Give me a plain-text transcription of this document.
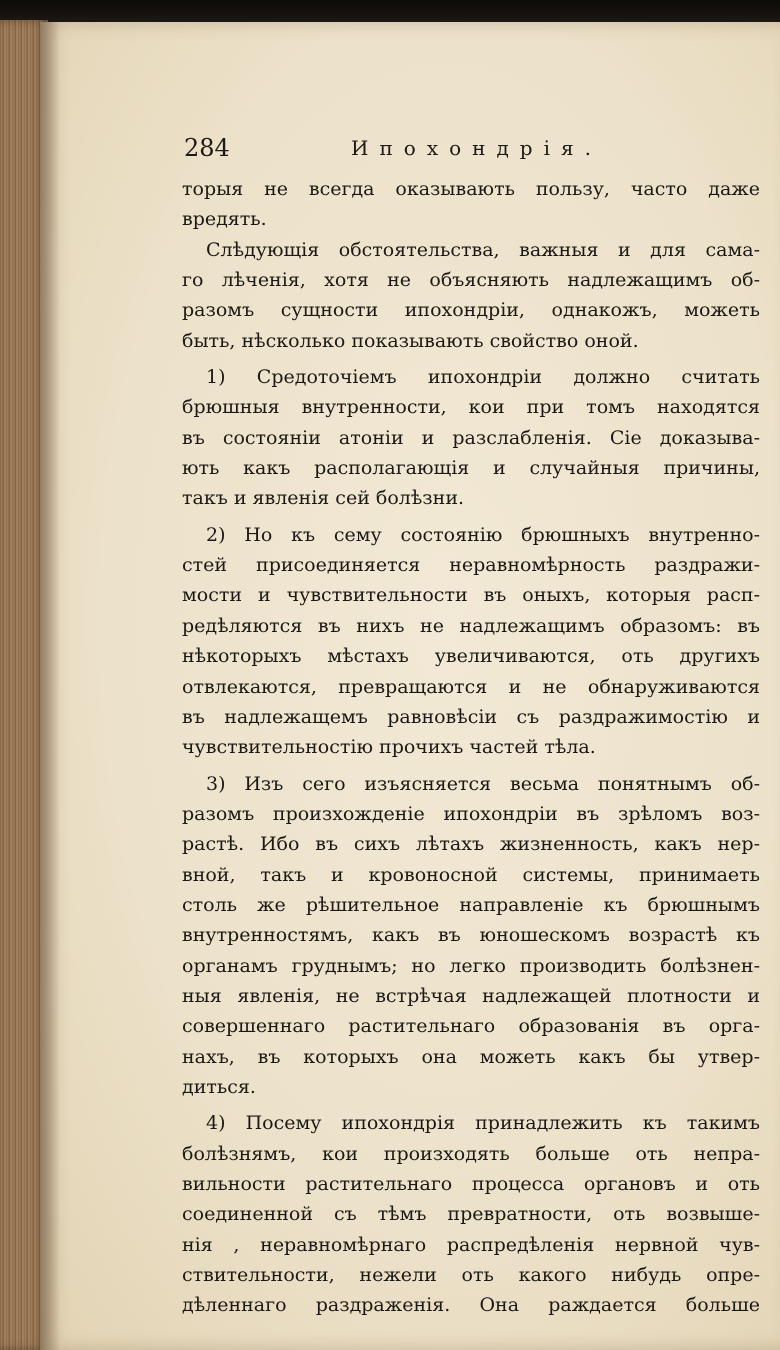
284	Ипохондрія.
торыя не всегда оказывають пользу, часто даже
вредять.
Слѣдующія обстоятельства, важныя и для сама-
го лѣченія, хотя не объясняють надлежащимъ об-
разомъ сущности ипохондріи, однакожъ, можеть
быть, нѣсколько показывають свойство оной.
1) Средоточіемъ ипохондріи должно считать
брюшныя внутренности, кои при томъ находятся
въ состояніи атоніи и разслабленія. Сіе доказыва-
ють какъ располагающія и случайныя причины,
такъ и явленія сей болѣзни.
2) Но къ сему состоянію брюшныхъ внутренно-
стей присоединяется неравномѣрность раздражи-
мости и чувствительности въ оныхъ, которыя расп-
редѣляются въ нихъ не надлежащимъ образомъ: въ
нѣкоторыхъ мѣстахъ увеличиваются, оть другихъ
отвлекаются, превращаются и не обнаруживаются
въ надлежащемъ равновѣсіи съ раздражимостію и
чувствительностію прочихъ частей тѣла.
3) Изъ сего изъясняется весьма понятнымъ об-
разомъ произхожденіе ипохондріи въ зрѣломъ воз-
растѣ. Ибо въ сихъ лѣтахъ жизненность, какъ нер-
вной, такъ и кровоносной системы, принимаеть
столь же рѣшительное направленіе къ брюшнымъ
внутренностямъ, какъ въ юношескомъ возрастѣ къ
органамъ груднымъ; но легко производить болѣзнен-
ныя явленія, не встрѣчая надлежащей плотности и
совершеннаго растительнаго образованія въ орга-
нахъ, въ которыхъ она можеть какъ бы утвер-
диться.
4) Посему ипохондрія принадлежить къ такимъ
болѣзнямъ, кои произходять больше оть непра-
вильности растительнаго процесса органовъ и оть
соединенной съ тѣмъ превратности, оть возвыше-
нія , неравномѣрнаго распредѣленія нервной чув-
ствительности, нежели оть какого нибудь опре-
дѣленнаго раздраженія. Она раждается больше
